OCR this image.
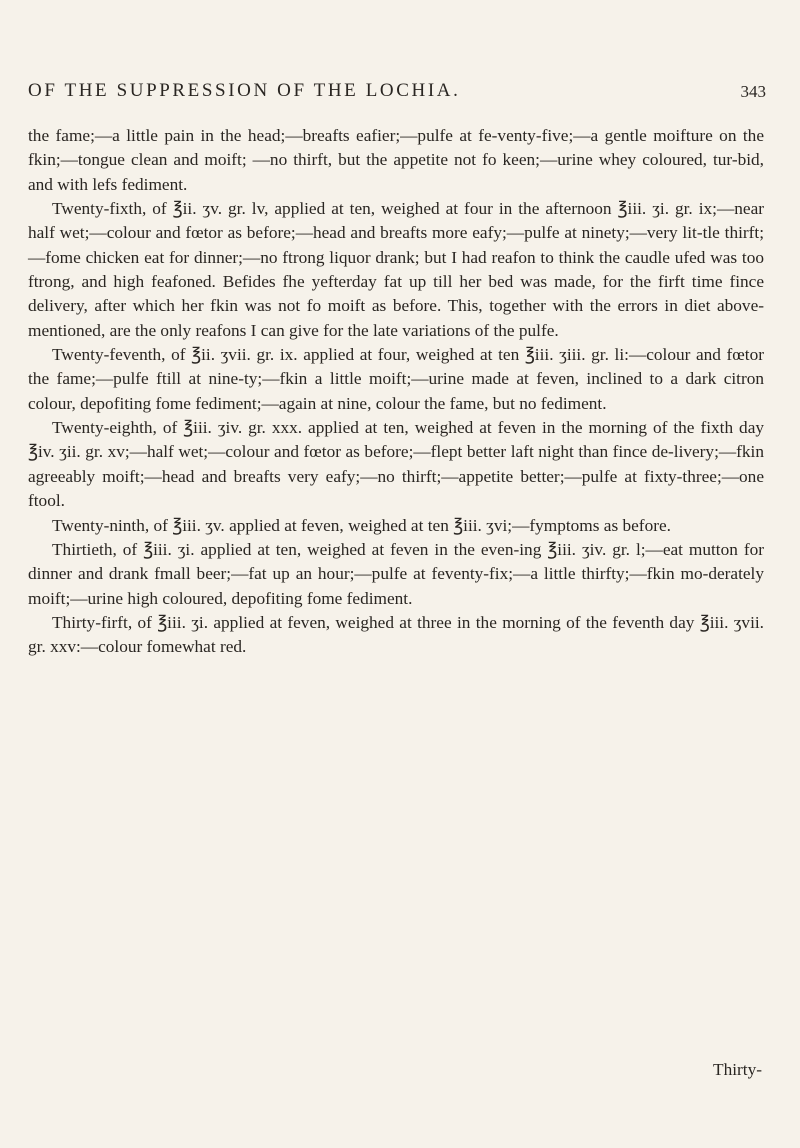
OF THE SUPPRESSION OF THE LOCHIA.	343

the fame;—a little pain in the head;—breafts eafier;—pulfe at fe-venty-five;—a gentle moifture on the fkin;—tongue clean and moift; —no thirft, but the appetite not fo keen;—urine whey coloured, tur-bid, and with lefs fediment.

Twenty-fixth, of ℥ii. ʒv. gr. lv, applied at ten, weighed at four in the afternoon ℥iii. ʒi. gr. ix;—near half wet;—colour and fœtor as before;—head and breafts more eafy;—pulfe at ninety;—very lit-tle thirft;—fome chicken eat for dinner;—no ftrong liquor drank; but I had reafon to think the caudle ufed was too ftrong, and high feafoned. Befides fhe yefterday fat up till her bed was made, for the firft time fince delivery, after which her fkin was not fo moift as before. This, together with the errors in diet above-mentioned, are the only reafons I can give for the late variations of the pulfe.

Twenty-feventh, of ℥ii. ʒvii. gr. ix. applied at four, weighed at ten ℥iii. ʒiii. gr. li:—colour and fœtor the fame;—pulfe ftill at nine-ty;—fkin a little moift;—urine made at feven, inclined to a dark citron colour, depofiting fome fediment;—again at nine, colour the fame, but no fediment.

Twenty-eighth, of ℥iii. ʒiv. gr. xxx. applied at ten, weighed at feven in the morning of the fixth day ℥iv. ʒii. gr. xv;—half wet;—colour and fœtor as before;—flept better laft night than fince de-livery;—fkin agreeably moift;—head and breafts very eafy;—no thirft;—appetite better;—pulfe at fixty-three;—one ftool.

Twenty-ninth, of ℥iii. ʒv. applied at feven, weighed at ten ℥iii. ʒvi;—fymptoms as before.

Thirtieth, of ℥iii. ʒi. applied at ten, weighed at feven in the even-ing ℥iii. ʒiv. gr. l;—eat mutton for dinner and drank fmall beer;—fat up an hour;—pulfe at feventy-fix;—a little thirfty;—fkin mo-derately moift;—urine high coloured, depofiting fome fediment.

Thirty-firft, of ℥iii. ʒi. applied at feven, weighed at three in the morning of the feventh day ℥iii. ʒvii. gr. xxv:—colour fomewhat red.

Thirty-
